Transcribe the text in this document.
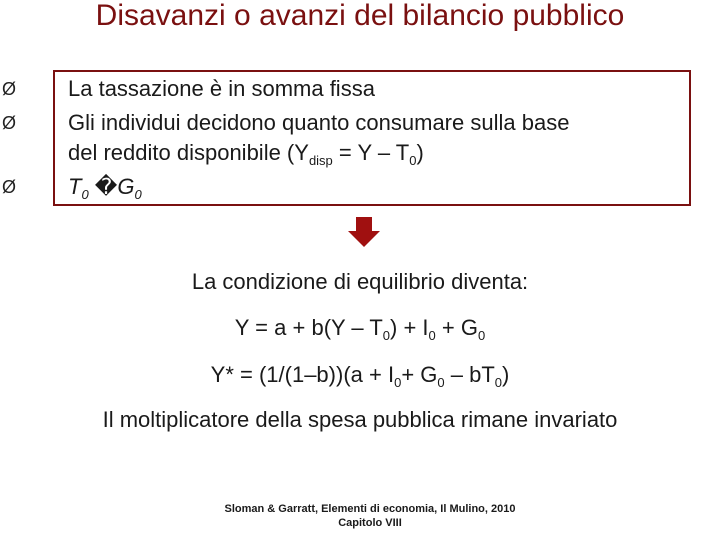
Disavanzi o avanzi del bilancio pubblico
Ø La tassazione è in somma fissa
Ø Gli individui decidono quanto consumare sulla base
del reddito disponibile $(Y_{disp} = Y - T_0)$
Ø $T_0$ $�G_0$
La condizione di equilibrio diventa:
$Y = a + b(Y - T_0) + I_0 + G_0$
$Y* = (1/(1-b))(a + I_0+ G_0 - bT_0)$
Il moltiplicatore della spesa pubblica rimane invariato
Sloman & Garratt, Elementi di economia, Il Mulino, 2010
Capitolo VIII
